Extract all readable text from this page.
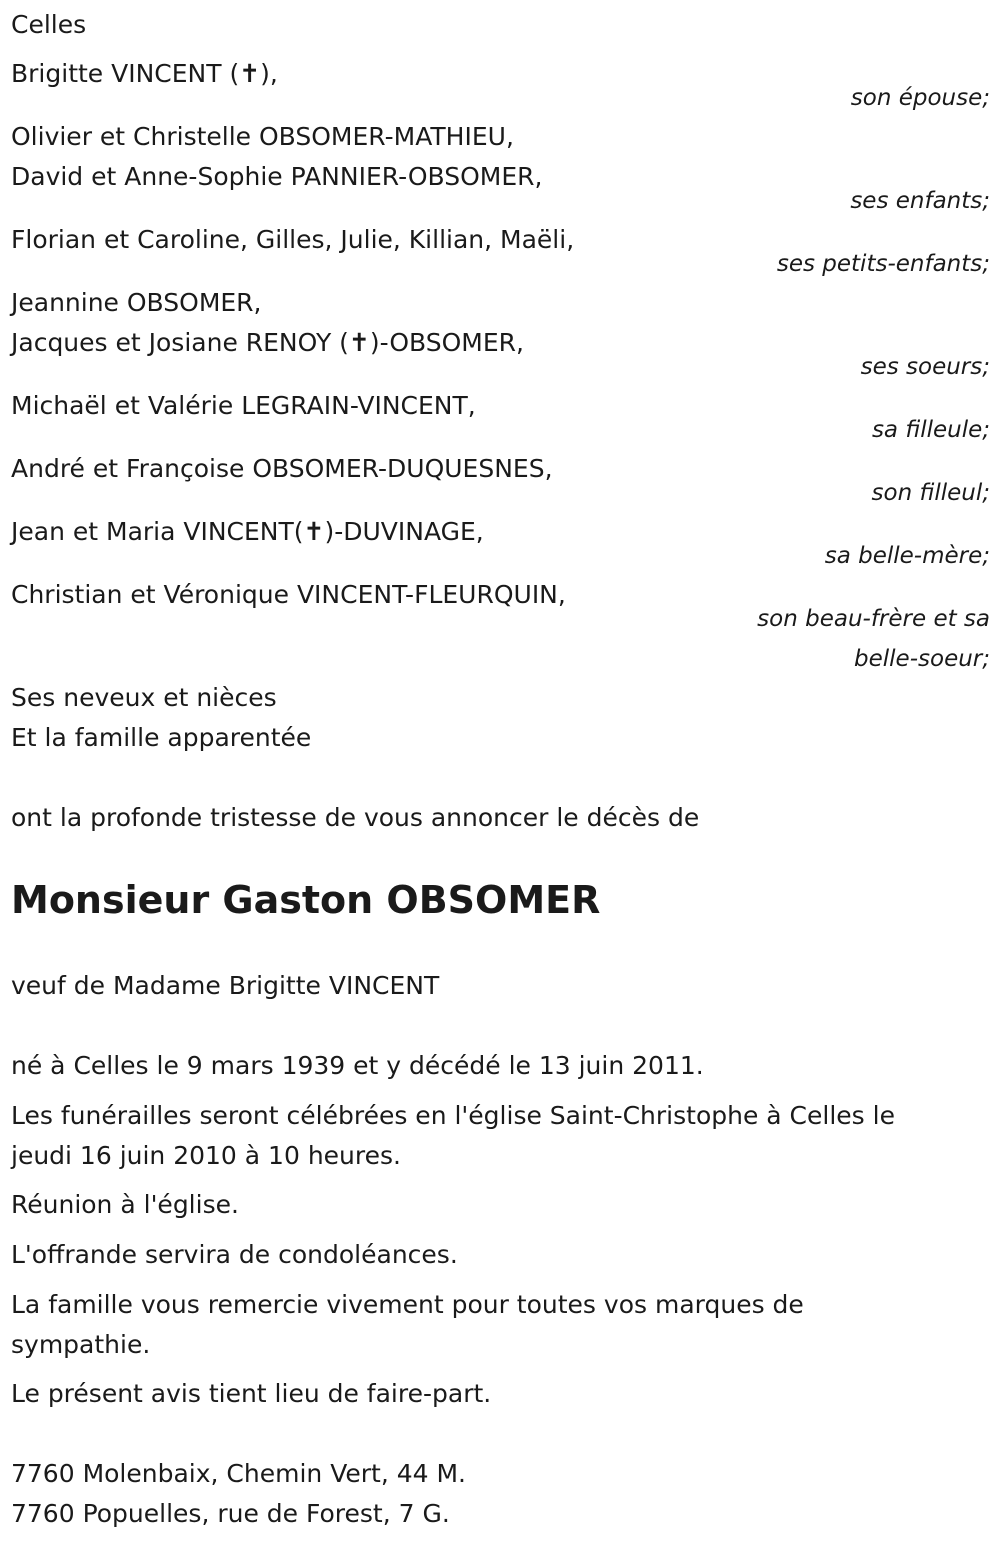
Celles
Brigitte VINCENT (✝),
son épouse;
Olivier et Christelle OBSOMER-MATHIEU,
David et Anne-Sophie PANNIER-OBSOMER,
ses enfants;
Florian et Caroline, Gilles, Julie, Killian, Maëli,
ses petits-enfants;
Jeannine OBSOMER,
Jacques et Josiane RENOY (✝)-OBSOMER,
ses soeurs;
Michaël et Valérie LEGRAIN-VINCENT,
sa filleule;
André et Françoise OBSOMER-DUQUESNES,
son filleul;
Jean et Maria VINCENT(✝)-DUVINAGE,
sa belle-mère;
Christian et Véronique VINCENT-FLEURQUIN,
son beau-frère et sa
belle-soeur;
Ses neveux et nièces
Et la famille apparentée
ont la profonde tristesse de vous annoncer le décès de
Monsieur Gaston OBSOMER
veuf de Madame Brigitte VINCENT
né à Celles le 9 mars 1939 et y décédé le 13 juin 2011.
Les funérailles seront célébrées en l'église Saint-Christophe à Celles le
jeudi 16 juin 2010 à 10 heures.
Réunion à l'église.
L'offrande servira de condoléances.
La famille vous remercie vivement pour toutes vos marques de
sympathie.
Le présent avis tient lieu de faire-part.
7760 Molenbaix, Chemin Vert, 44 M.
7760 Popuelles, rue de Forest, 7 G.
